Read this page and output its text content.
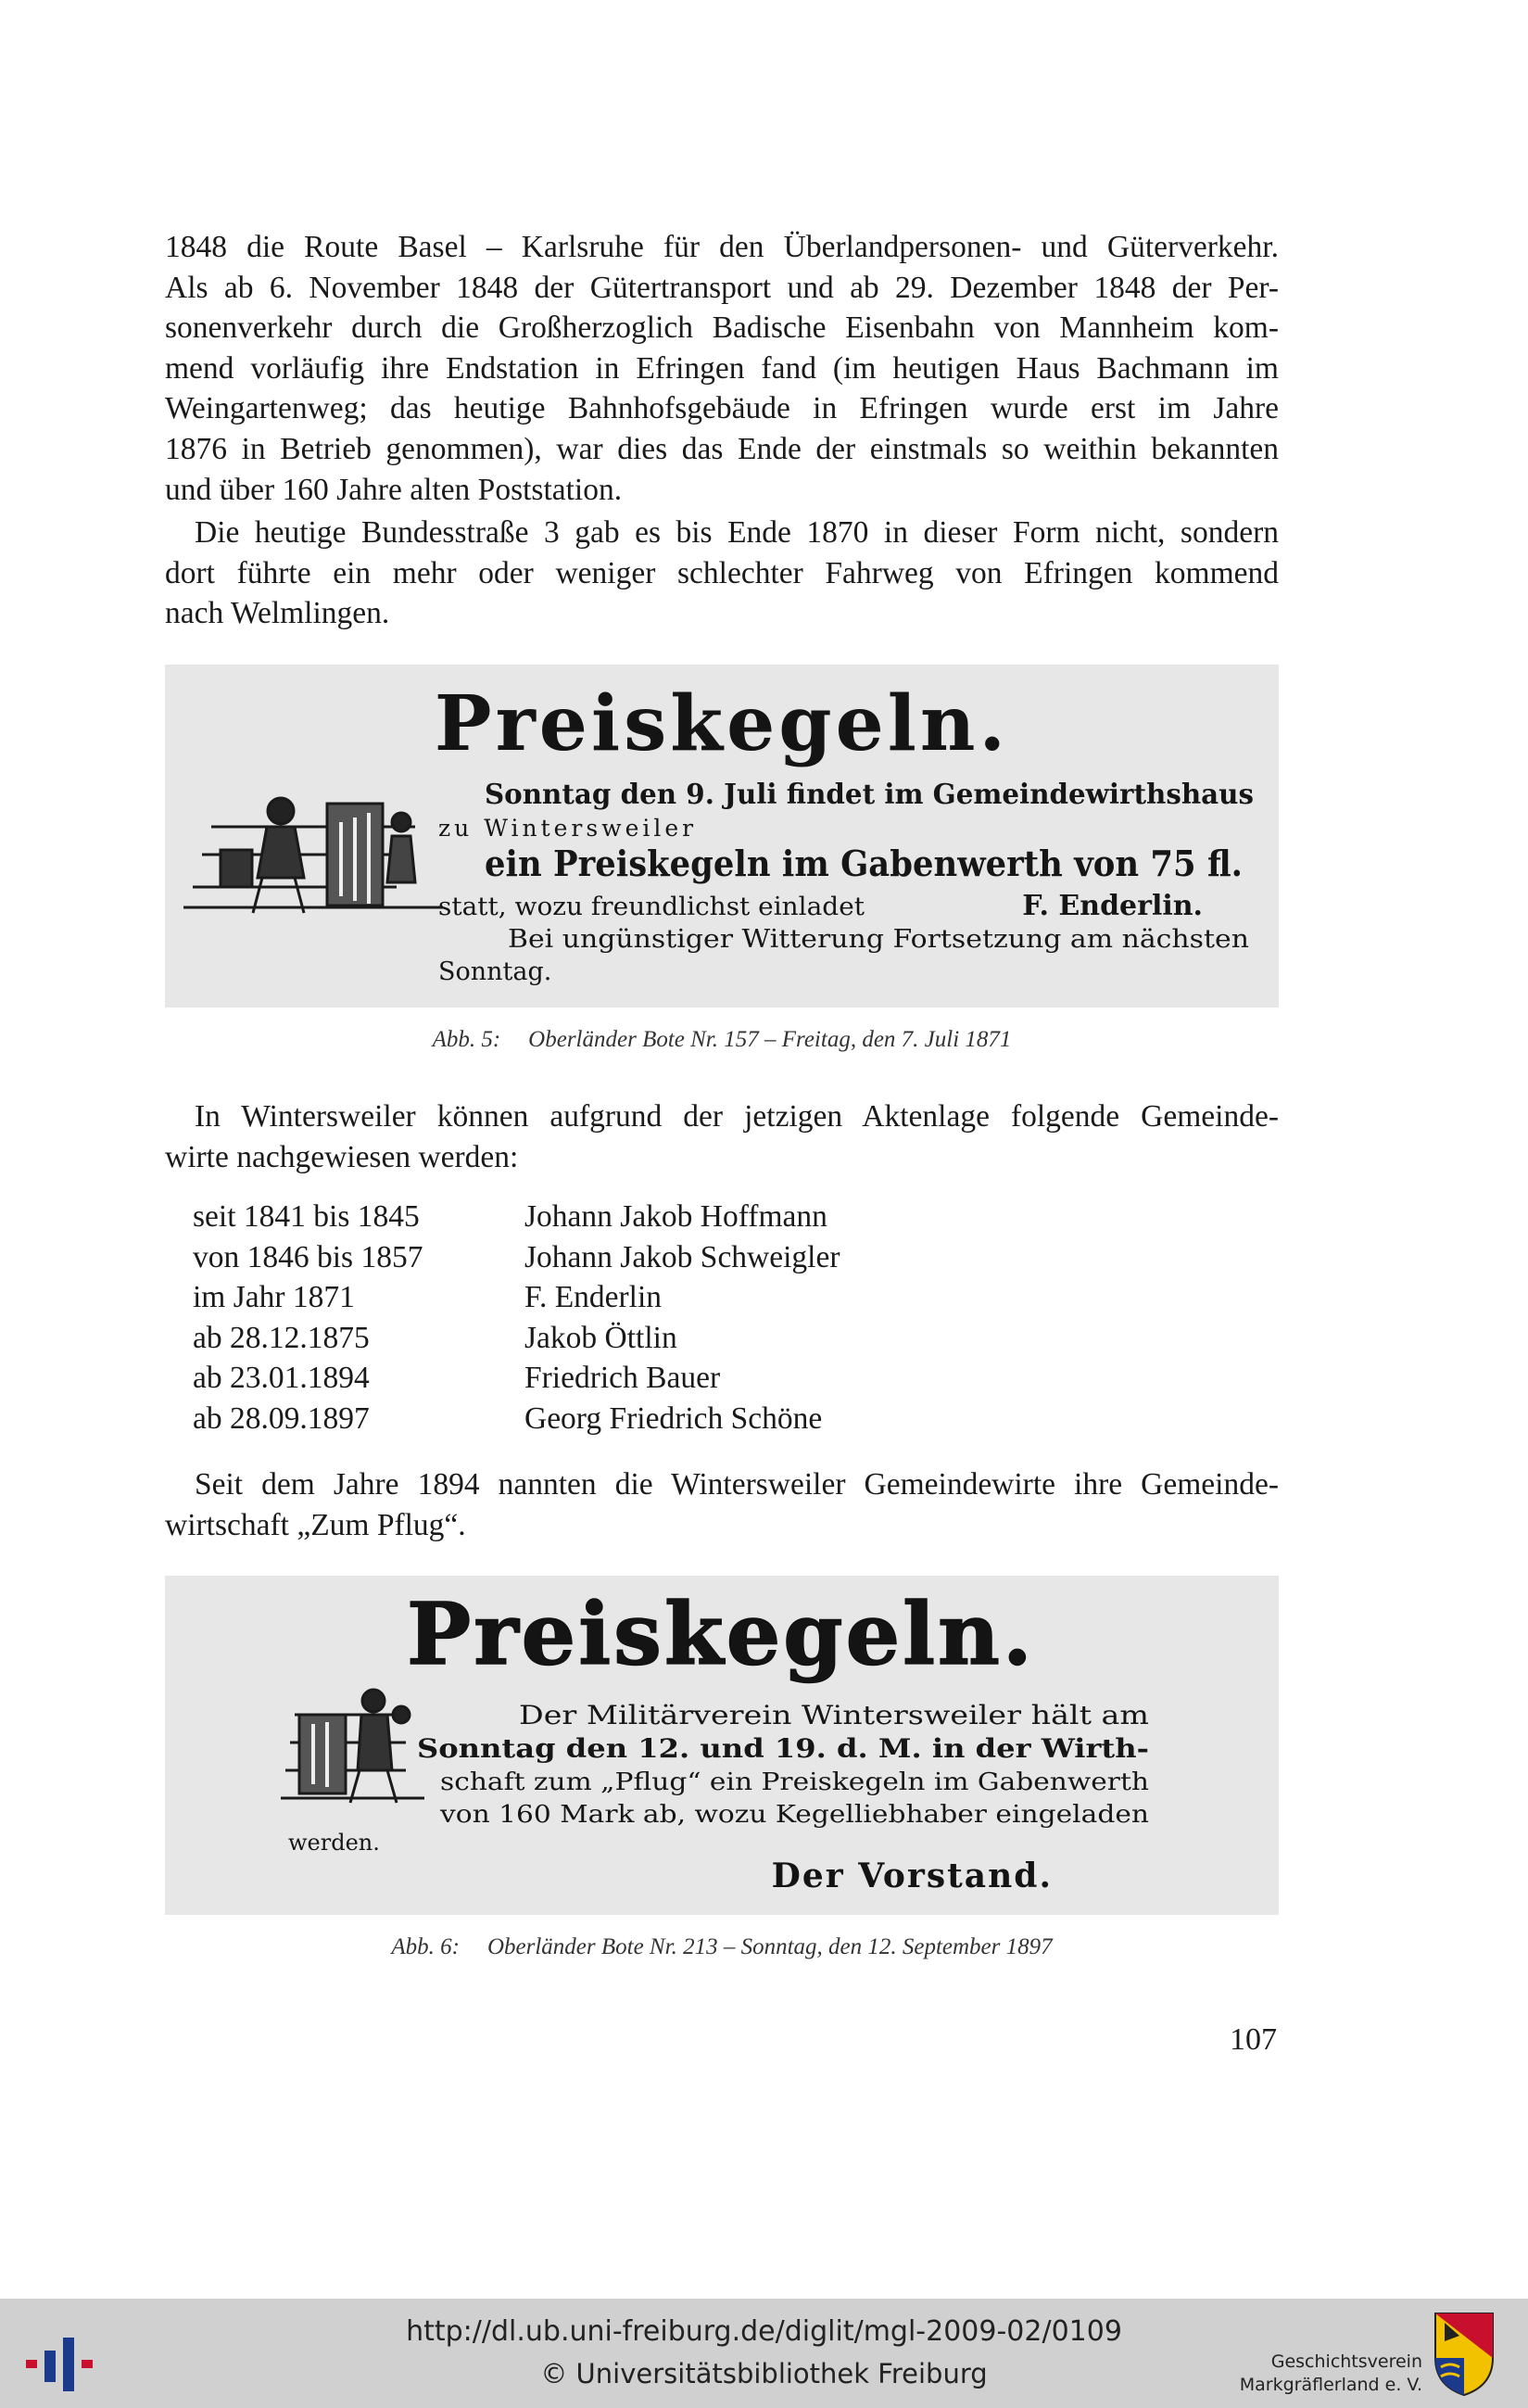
1848 die Route Basel – Karlsruhe für den Überlandpersonen- und Güterverkehr.
Als ab 6. November 1848 der Gütertransport und ab 29. Dezember 1848 der Per-
sonenverkehr durch die Großherzoglich Badische Eisenbahn von Mannheim kom-
mend vorläufig ihre Endstation in Efringen fand (im heutigen Haus Bachmann im
Weingartenweg; das heutige Bahnhofsgebäude in Efringen wurde erst im Jahre
1876 in Betrieb genommen), war dies das Ende der einstmals so weithin bekannten
und über 160 Jahre alten Poststation.

Die heutige Bundesstraße 3 gab es bis Ende 1870 in dieser Form nicht, sondern
dort führte ein mehr oder weniger schlechter Fahrweg von Efringen kommend
nach Welmlingen.

Preiskegeln.
Sonntag den 9. Juli findet im Gemeindewirthshaus
zu Wintersweiler
ein Preiskegeln im Gabenwerth von 75 fl.
statt, wozu freundlichst einladet	F. Enderlin.
Bei ungünstiger Witterung Fortsetzung am nächsten
Sonntag.
Abb. 5: Oberländer Bote Nr. 157 – Freitag, den 7. Juli 1871

In Wintersweiler können aufgrund der jetzigen Aktenlage folgende Gemeinde-
wirte nachgewiesen werden:

seit 1841 bis 1845	Johann Jakob Hoffmann
von 1846 bis 1857	Johann Jakob Schweigler
im Jahr 1871	F. Enderlin
ab 28.12.1875	Jakob Öttlin
ab 23.01.1894	Friedrich Bauer
ab 28.09.1897	Georg Friedrich Schöne

Seit dem Jahre 1894 nannten die Wintersweiler Gemeindewirte ihre Gemeinde-
wirtschaft „Zum Pflug“.

Preiskegeln.
Der Militärverein Wintersweiler hält am
Sonntag den 12. und 19. d. M. in der Wirth-
schaft zum „Pflug“ ein Preiskegeln im Gabenwerth
von 160 Mark ab, wozu Kegelliebhaber eingeladen
werden.
Der Vorstand.
Abb. 6: Oberländer Bote Nr. 213 – Sonntag, den 12. September 1897
107
http://dl.ub.uni-freiburg.de/diglit/mgl-2009-02/0109
© Universitätsbibliothek Freiburg	Geschichtsverein
Markgräflerland e. V.
